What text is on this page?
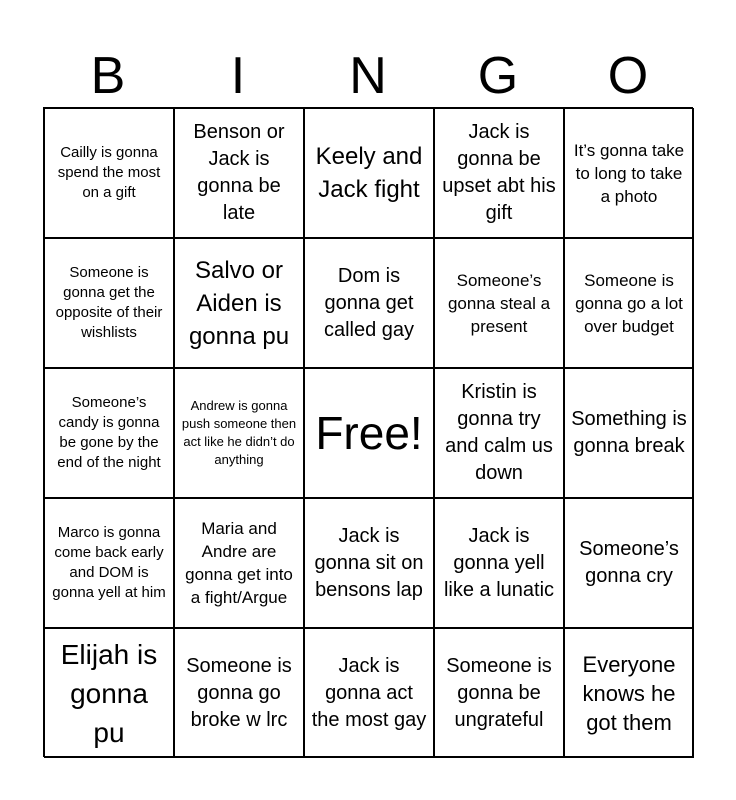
B	I	N	G	O
Cailly is gonna spend the most on a gift
Benson or Jack is gonna be late
Keely and Jack fight
Jack is gonna be upset abt his gift
It’s gonna take to long to take a photo
Someone is gonna get the opposite of their wishlists
Salvo or Aiden is gonna pu
Dom is gonna get called gay
Someone’s gonna steal a present
Someone is gonna go a lot over budget
Someone’s candy is gonna be gone by the end of the night
Andrew is gonna push someone then act like he didn’t do anything
Free!
Kristin is gonna try and calm us down
Something is gonna break
Marco is gonna come back early and DOM is gonna yell at him
Maria and Andre are gonna get into a fight/Argue
Jack is gonna sit on bensons lap
Jack is gonna yell like a lunatic
Someone’s gonna cry
Elijah is gonna pu
Someone is gonna go broke w lrc
Jack is gonna act the most gay
Someone is gonna be ungrateful
Everyone knows he got them
